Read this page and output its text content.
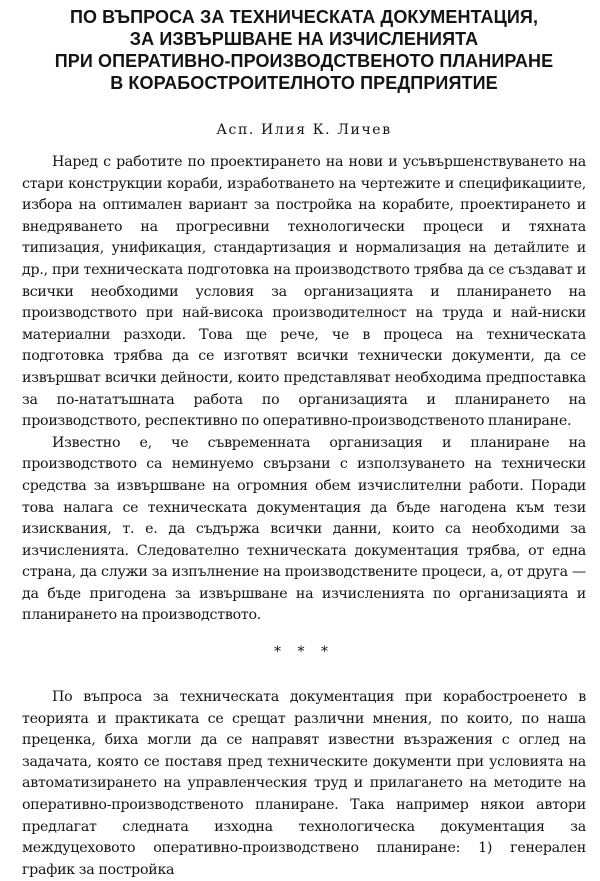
ПО ВЪПРОСА ЗА ТЕХНИЧЕСКАТА ДОКУМЕНТАЦИЯ,
ЗА ИЗВЪРШВАНЕ НА ИЗЧИСЛЕНИЯТА
ПРИ ОПЕРАТИВНО-ПРОИЗВОДСТВЕНОТО ПЛАНИРАНЕ
В КОРАБОСТРОИТЕЛНОТО ПРЕДПРИЯТИЕ

Асп. Илия К. Личев

Наред с работите по проектирането на нови и усъвършенствуването на стари конструкции кораби, изработването на чертежите и спецификациите, избора на оптимален вариант за постройка на корабите, проектирането и внедряването на прогресивни технологически процеси и тяхната типизация, унификация, стандартизация и нормализация на детайлите и др., при техническата подготовка на производството трябва да се създават и всички необходими условия за организацията и планирането на производството при най-висока производителност на труда и най-ниски материални разходи. Това ще рече, че в процеса на техническата подготовка трябва да се изготвят всички технически документи, да се извършват всички дейности, които представляват необходима предпоставка за по-нататъшната работа по организацията и планирането на производството, респективно по оперативно-производственото планиране.

Известно е, че съвременната организация и планиране на производството са неминуемо свързани с използуването на технически средства за извършване на огромния обем изчислителни работи. Поради това налага се техническата документация да бъде нагодена към тези изисквания, т. е. да съдържа всички данни, които са необходими за изчисленията. Следователно техническата документация трябва, от една страна, да служи за изпълнение на производствените процеси, а, от друга — да бъде пригодена за извършване на изчисленията по организацията и планирането на производството.

* * *

По въпроса за техническата документация при корабостроенето в теорията и практиката се срещат различни мнения, по които, по наша преценка, биха могли да се направят известни възражения с оглед на задачата, която се поставя пред техническите документи при условията на автоматизирането на управленческия труд и прилагането на методите на оперативно-производственото планиране. Така например някои автори предлагат следната изходна технологическа документация за междуцеховото оперативно-производствено планиране: 1) генерален график за постройка
